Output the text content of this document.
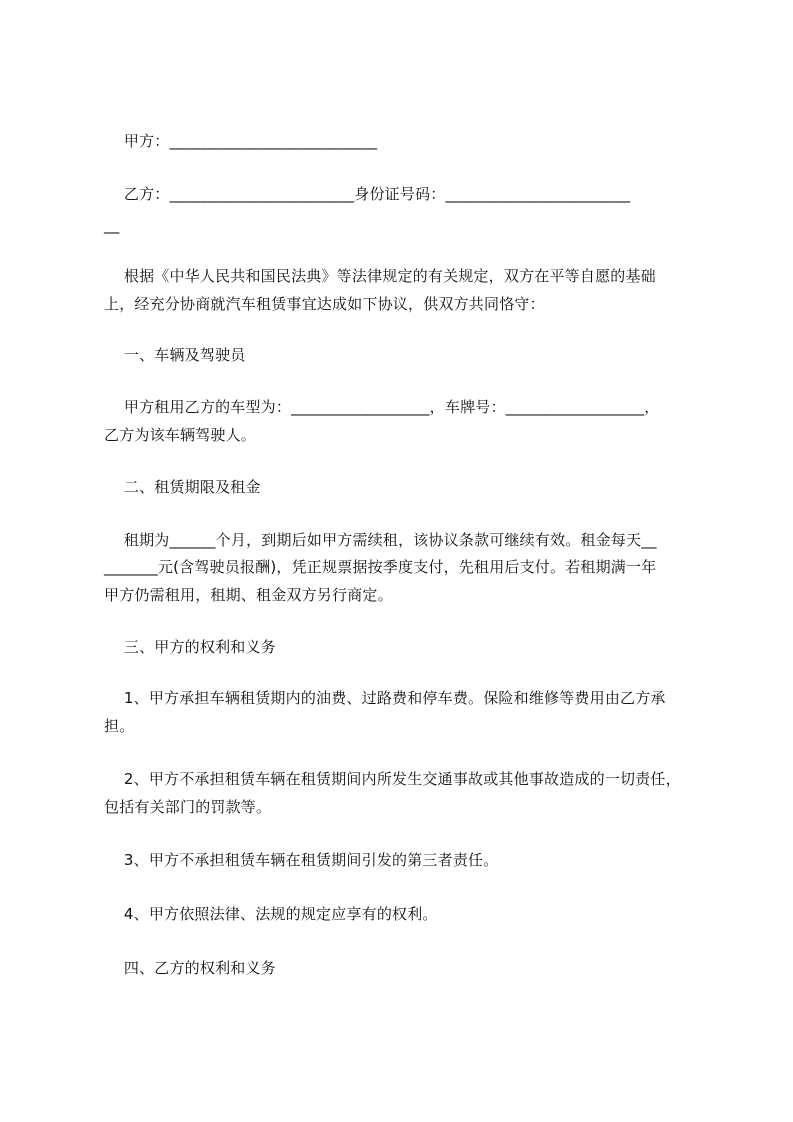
甲方：___________________________
乙方：________________________身份证号码：________________________
__
根据《中华人民共和国民法典》等法律规定的有关规定，双方在平等自愿的基础
上，经充分协商就汽车租赁事宜达成如下协议，供双方共同恪守：
一、车辆及驾驶员
甲方租用乙方的车型为：__________________，车牌号：__________________，
乙方为该车辆驾驶人。
二、租赁期限及租金
租期为______个月，到期后如甲方需续租，该协议条款可继续有效。租金每天__
_______元(含驾驶员报酬)，凭正规票据按季度支付，先租用后支付。若租期满一年
甲方仍需租用，租期、租金双方另行商定。
三、甲方的权利和义务
1、甲方承担车辆租赁期内的油费、过路费和停车费。保险和维修等费用由乙方承
担。
2、甲方不承担租赁车辆在租赁期间内所发生交通事故或其他事故造成的一切责任，
包括有关部门的罚款等。
3、甲方不承担租赁车辆在租赁期间引发的第三者责任。
4、甲方依照法律、法规的规定应享有的权利。
四、乙方的权利和义务
